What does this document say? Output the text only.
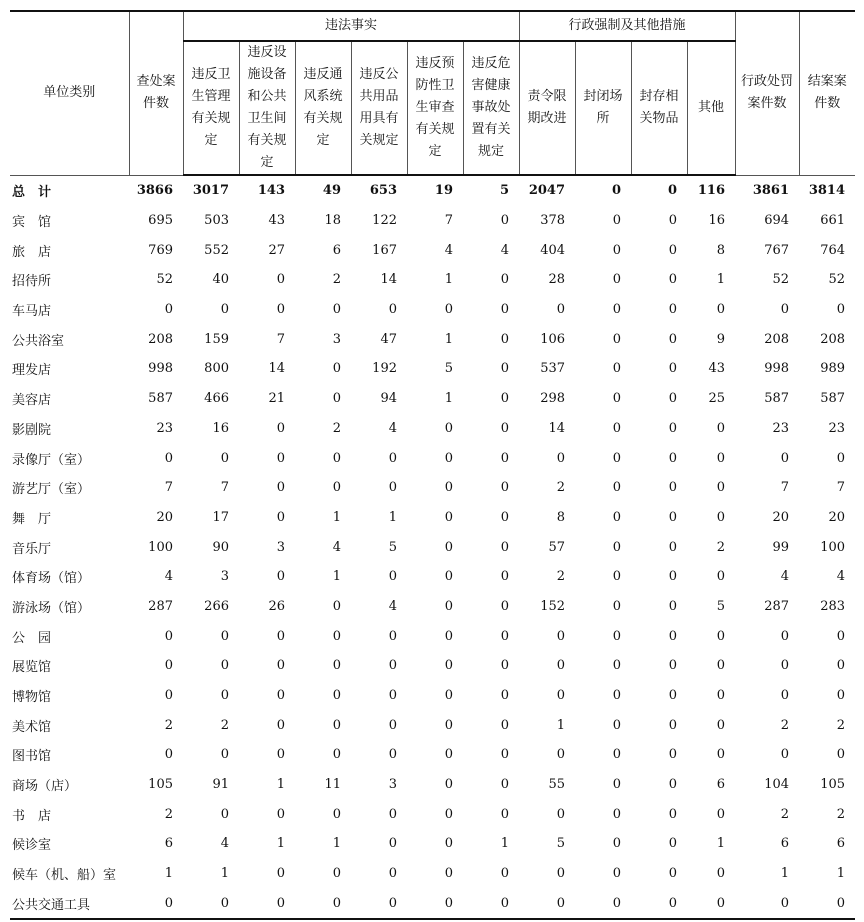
单位类别	查处案件数	违法事实						行政强制及其他措施				行政处罚案件数	结案案件数
		违反卫生管理有关规定	违反设施设备和公共卫生间有关规定	违反通风系统有关规定	违反公共用品用具有关规定	违反预防性卫生审查有关规定	违反危害健康事故处置有关规定	责令限期改进	封闭场所	封存相关物品	其他		
总　计	3866	3017	143	49	653	19	5	2047	0	0	116	3861	3814
宾　馆	695	503	43	18	122	7	0	378	0	0	16	694	661
旅　店	769	552	27	6	167	4	4	404	0	0	8	767	764
招待所	52	40	0	2	14	1	0	28	0	0	1	52	52
车马店	0	0	0	0	0	0	0	0	0	0	0	0	0
公共浴室	208	159	7	3	47	1	0	106	0	0	9	208	208
理发店	998	800	14	0	192	5	0	537	0	0	43	998	989
美容店	587	466	21	0	94	1	0	298	0	0	25	587	587
影剧院	23	16	0	2	4	0	0	14	0	0	0	23	23
录像厅（室）	0	0	0	0	0	0	0	0	0	0	0	0	0
游艺厅（室）	7	7	0	0	0	0	0	2	0	0	0	7	7
舞　厅	20	17	0	1	1	0	0	8	0	0	0	20	20
音乐厅	100	90	3	4	5	0	0	57	0	0	2	99	100
体育场（馆）	4	3	0	1	0	0	0	2	0	0	0	4	4
游泳场（馆）	287	266	26	0	4	0	0	152	0	0	5	287	283
公　园	0	0	0	0	0	0	0	0	0	0	0	0	0
展览馆	0	0	0	0	0	0	0	0	0	0	0	0	0
博物馆	0	0	0	0	0	0	0	0	0	0	0	0	0
美术馆	2	2	0	0	0	0	0	1	0	0	0	2	2
图书馆	0	0	0	0	0	0	0	0	0	0	0	0	0
商场（店）	105	91	1	11	3	0	0	55	0	0	6	104	105
书　店	2	0	0	0	0	0	0	0	0	0	0	2	2
候诊室	6	4	1	1	0	0	1	5	0	0	1	6	6
候车（机、船）室	1	1	0	0	0	0	0	0	0	0	0	1	1
公共交通工具	0	0	0	0	0	0	0	0	0	0	0	0	0
